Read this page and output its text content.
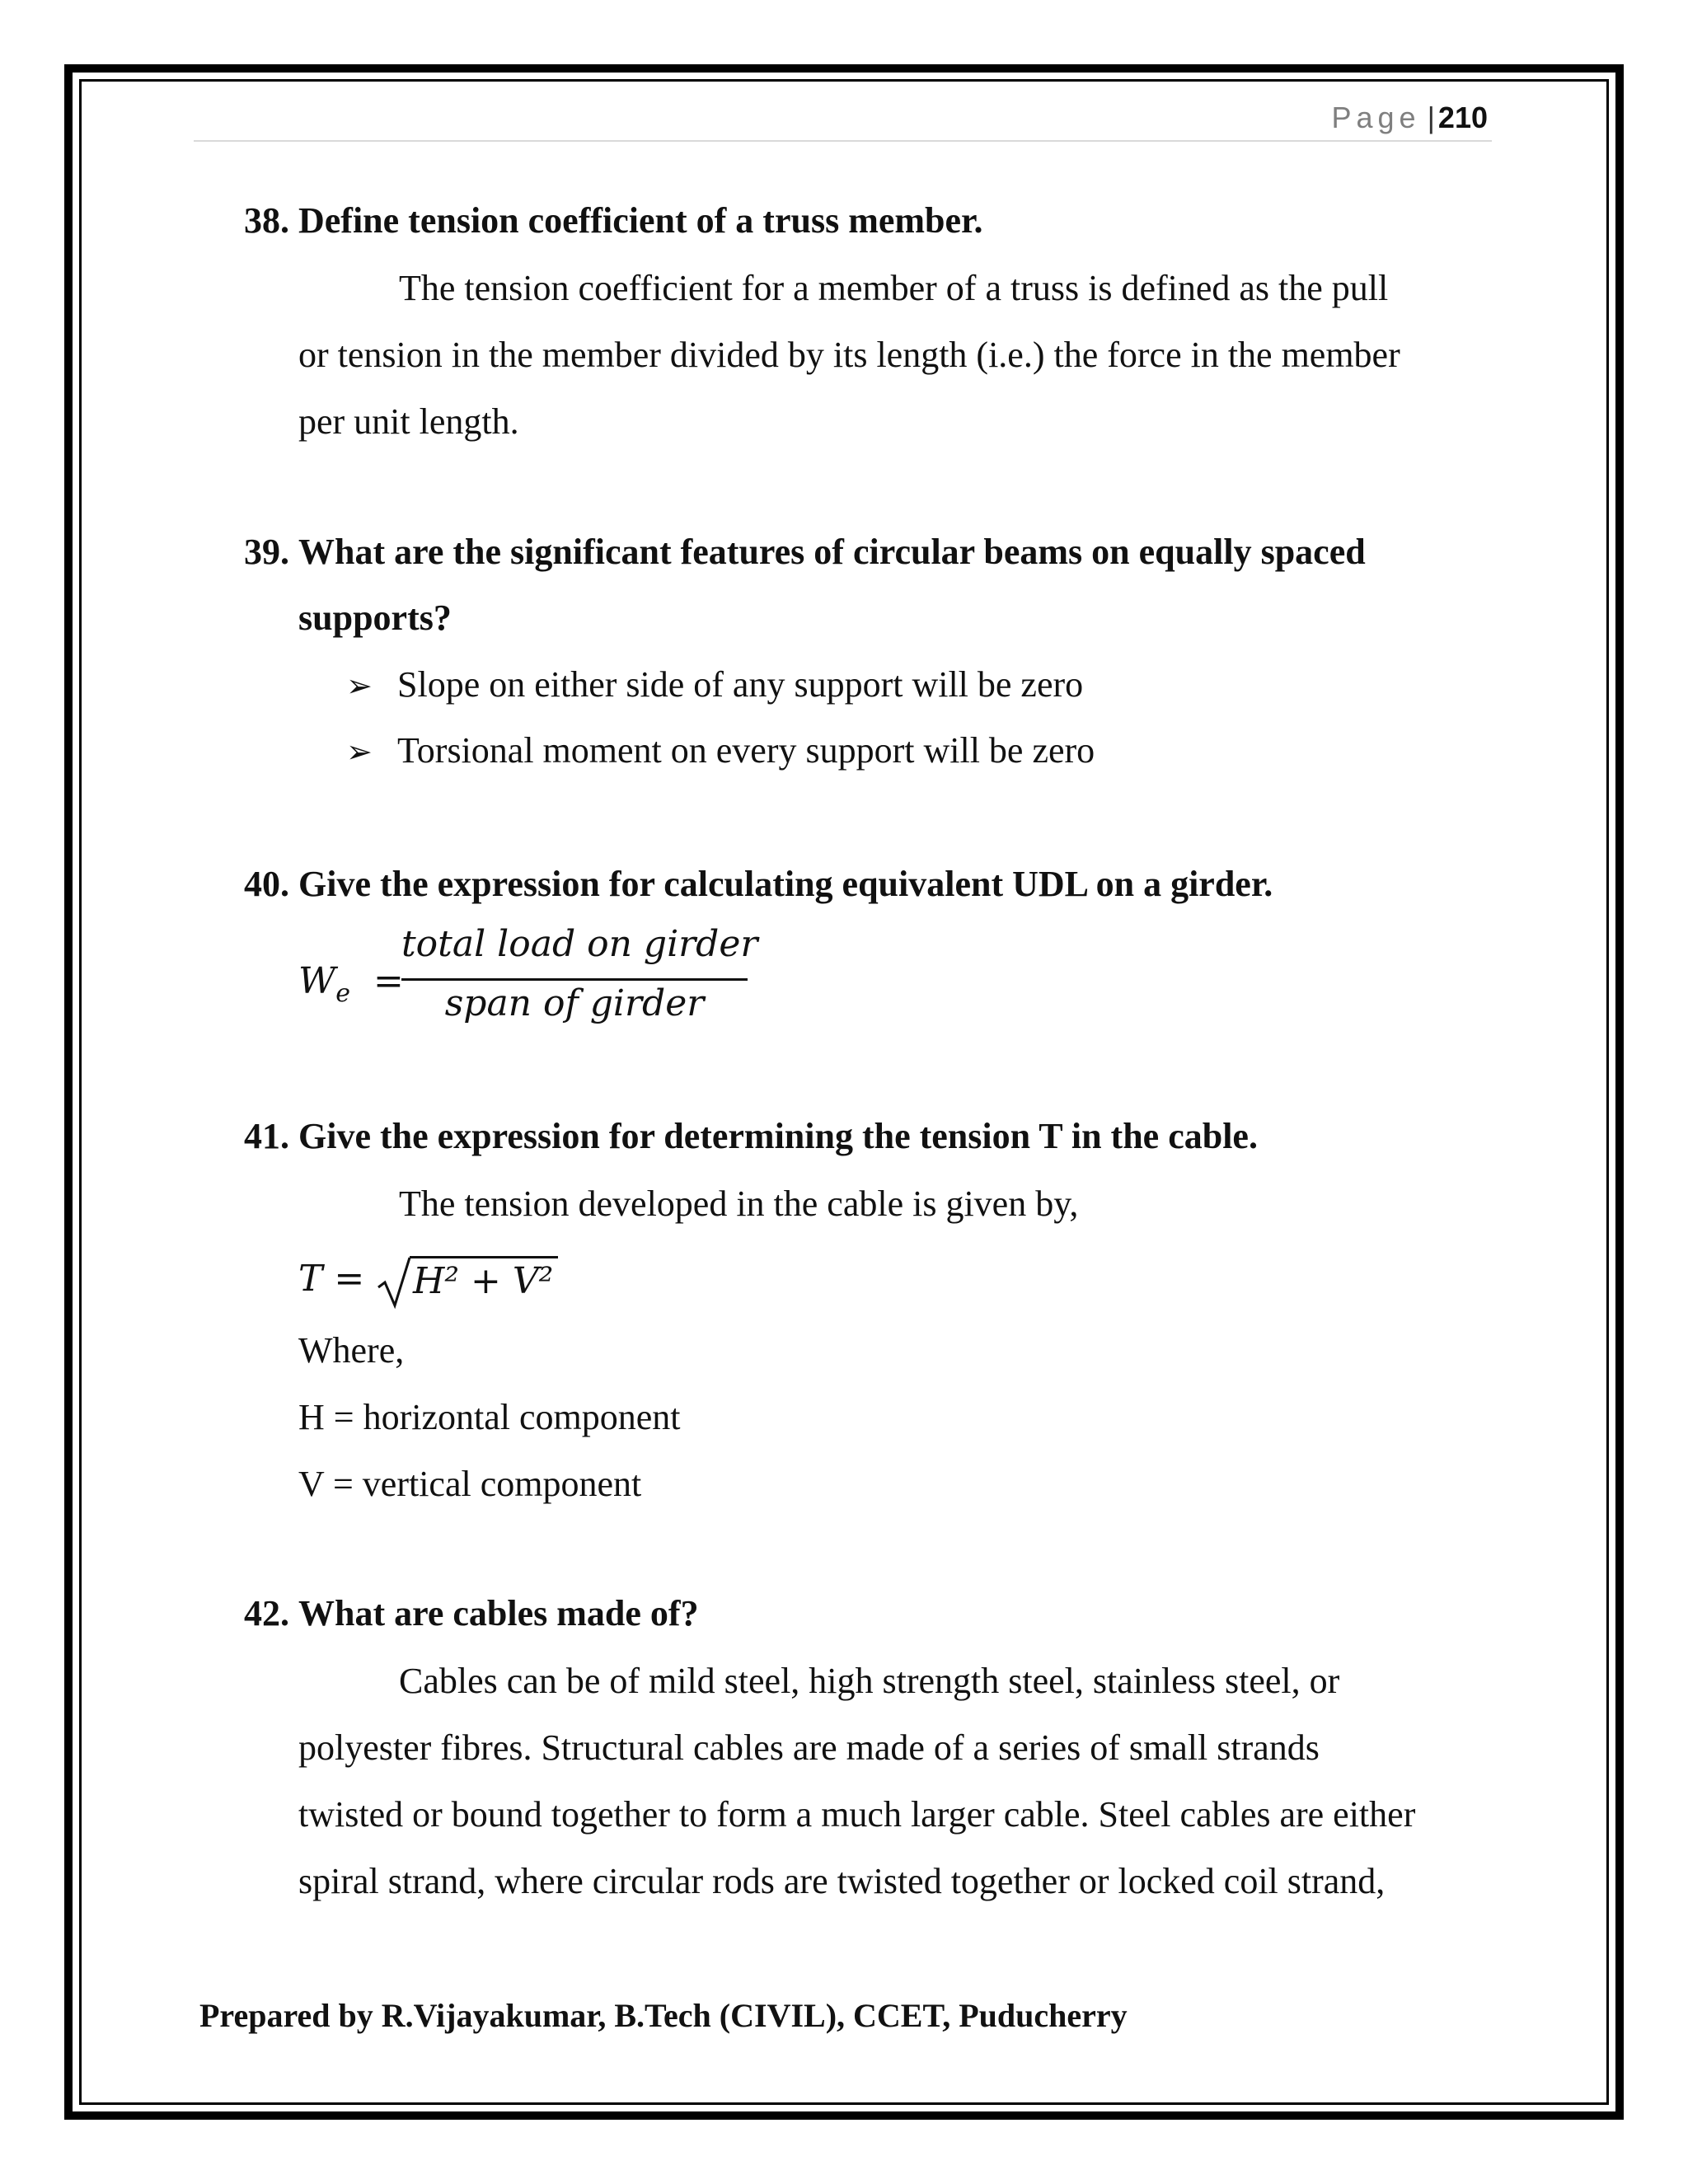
Page | 210
38. Define tension coefficient of a truss member.
The tension coefficient for a member of a truss is defined as the pull
or tension in the member divided by its length (i.e.) the force in the member
per unit length.
39. What are the significant features of circular beams on equally spaced
supports?
➢ Slope on either side of any support will be zero
➢ Torsional moment on every support will be zero
40. Give the expression for calculating equivalent UDL on a girder.
$W_e$ =
total load on girder
span of girder
41. Give the expression for determining the tension T in the cable.
The tension developed in the cable is given by,
T = H² + V²
Where,
H = horizontal component
V = vertical component
42. What are cables made of?
Cables can be of mild steel, high strength steel, stainless steel, or
polyester fibres. Structural cables are made of a series of small strands
twisted or bound together to form a much larger cable. Steel cables are either
spiral strand, where circular rods are twisted together or locked coil strand,
Prepared by R.Vijayakumar, B.Tech (CIVIL), CCET, Puducherry
